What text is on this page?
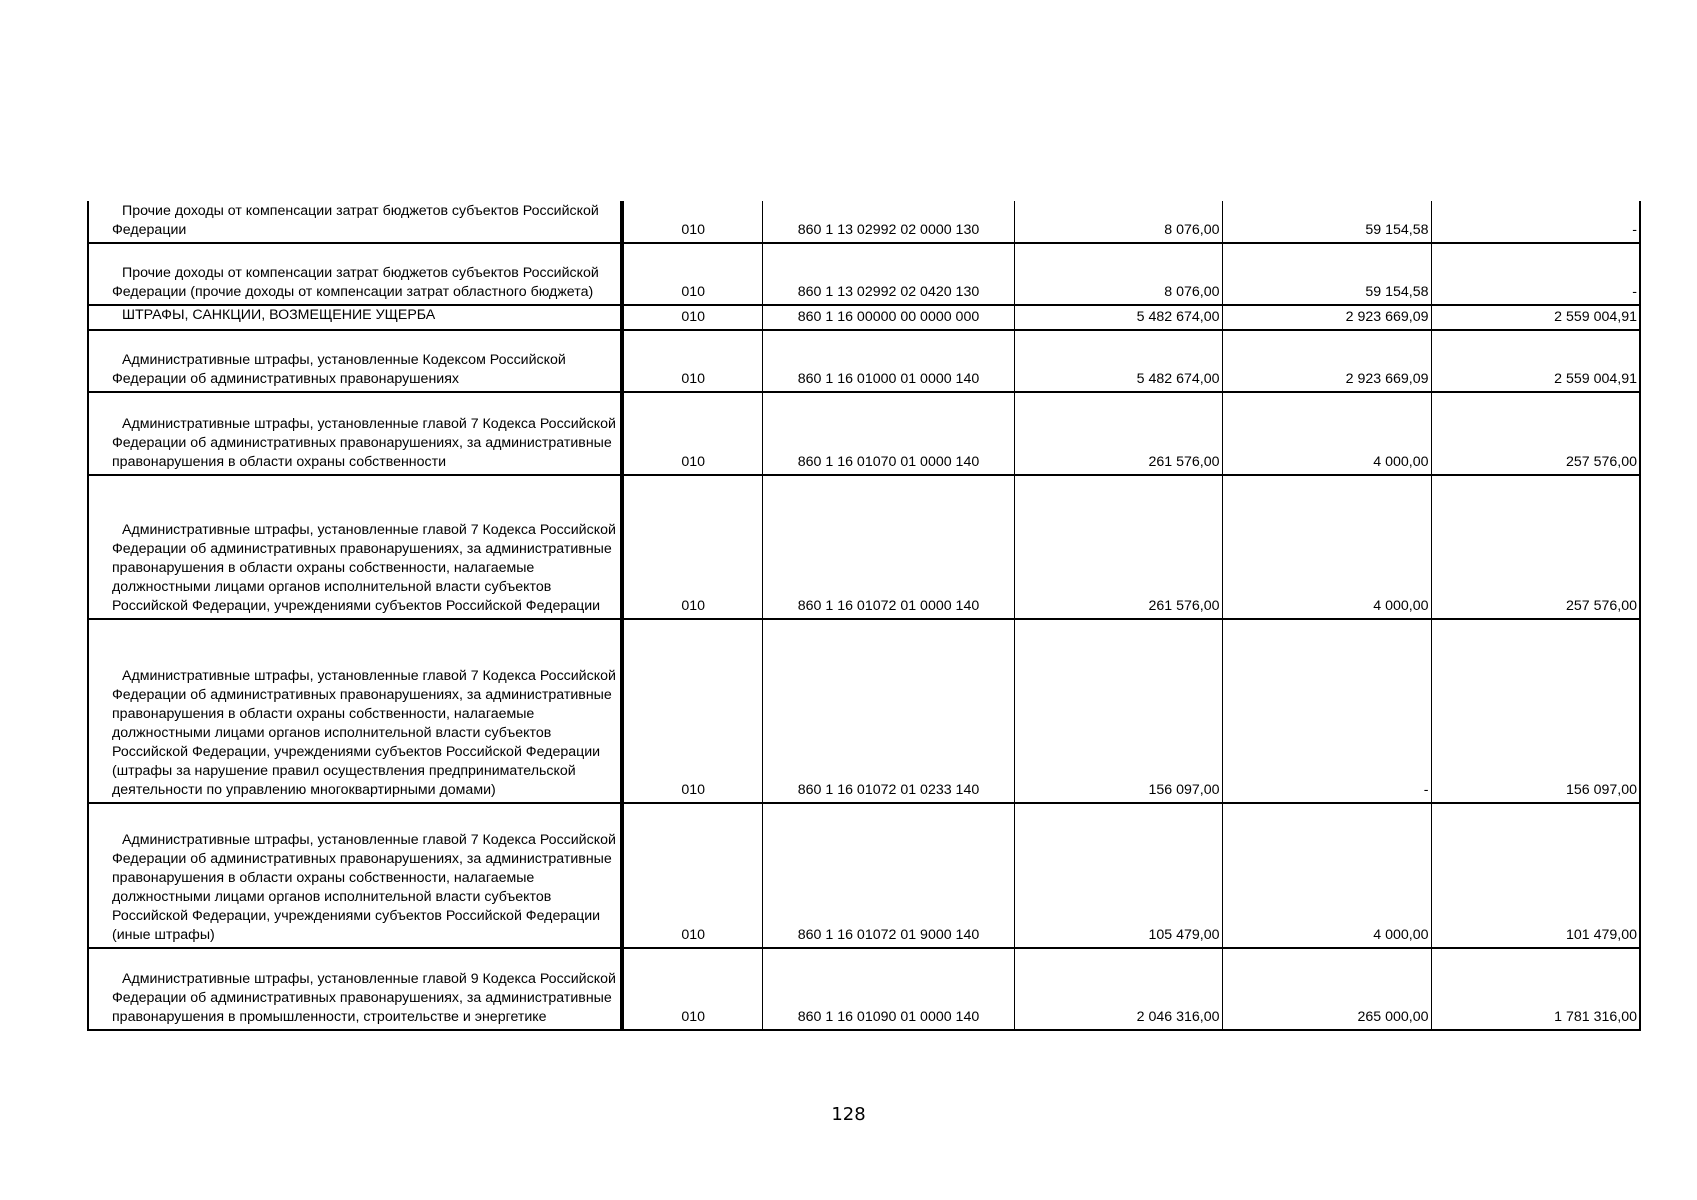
Прочие доходы от компенсации затрат бюджетов субъектов Российской Федерации	010	860 1 13 02992 02 0000 130	8 076,00	59 154,58	-

Прочие доходы от компенсации затрат бюджетов субъектов Российской Федерации (прочие доходы от компенсации затрат областного бюджета)	010	860 1 13 02992 02 0420 130	8 076,00	59 154,58	-

ШТРАФЫ, САНКЦИИ, ВОЗМЕЩЕНИЕ УЩЕРБА	010	860 1 16 00000 00 0000 000	5 482 674,00	2 923 669,09	2 559 004,91

Административные штрафы, установленные Кодексом Российской Федерации об административных правонарушениях	010	860 1 16 01000 01 0000 140	5 482 674,00	2 923 669,09	2 559 004,91

Административные штрафы, установленные главой 7 Кодекса Российской Федерации об административных правонарушениях, за административные правонарушения в области охраны собственности	010	860 1 16 01070 01 0000 140	261 576,00	4 000,00	257 576,00

Административные штрафы, установленные главой 7 Кодекса Российской Федерации об административных правонарушениях, за административные правонарушения в области охраны собственности, налагаемые должностными лицами органов исполнительной власти субъектов Российской Федерации, учреждениями субъектов Российской Федерации	010	860 1 16 01072 01 0000 140	261 576,00	4 000,00	257 576,00

Административные штрафы, установленные главой 7 Кодекса Российской Федерации об административных правонарушениях, за административные правонарушения в области охраны собственности, налагаемые должностными лицами органов исполнительной власти субъектов Российской Федерации, учреждениями субъектов Российской Федерации (штрафы за нарушение правил осуществления предпринимательской деятельности по управлению многоквартирными домами)	010	860 1 16 01072 01 0233 140	156 097,00	-	156 097,00

Административные штрафы, установленные главой 7 Кодекса Российской Федерации об административных правонарушениях, за административные правонарушения в области охраны собственности, налагаемые должностными лицами органов исполнительной власти субъектов Российской Федерации, учреждениями субъектов Российской Федерации (иные штрафы)	010	860 1 16 01072 01 9000 140	105 479,00	4 000,00	101 479,00

Административные штрафы, установленные главой 9 Кодекса Российской Федерации об административных правонарушениях, за административные правонарушения в промышленности, строительстве и энергетике	010	860 1 16 01090 01 0000 140	2 046 316,00	265 000,00	1 781 316,00
128
